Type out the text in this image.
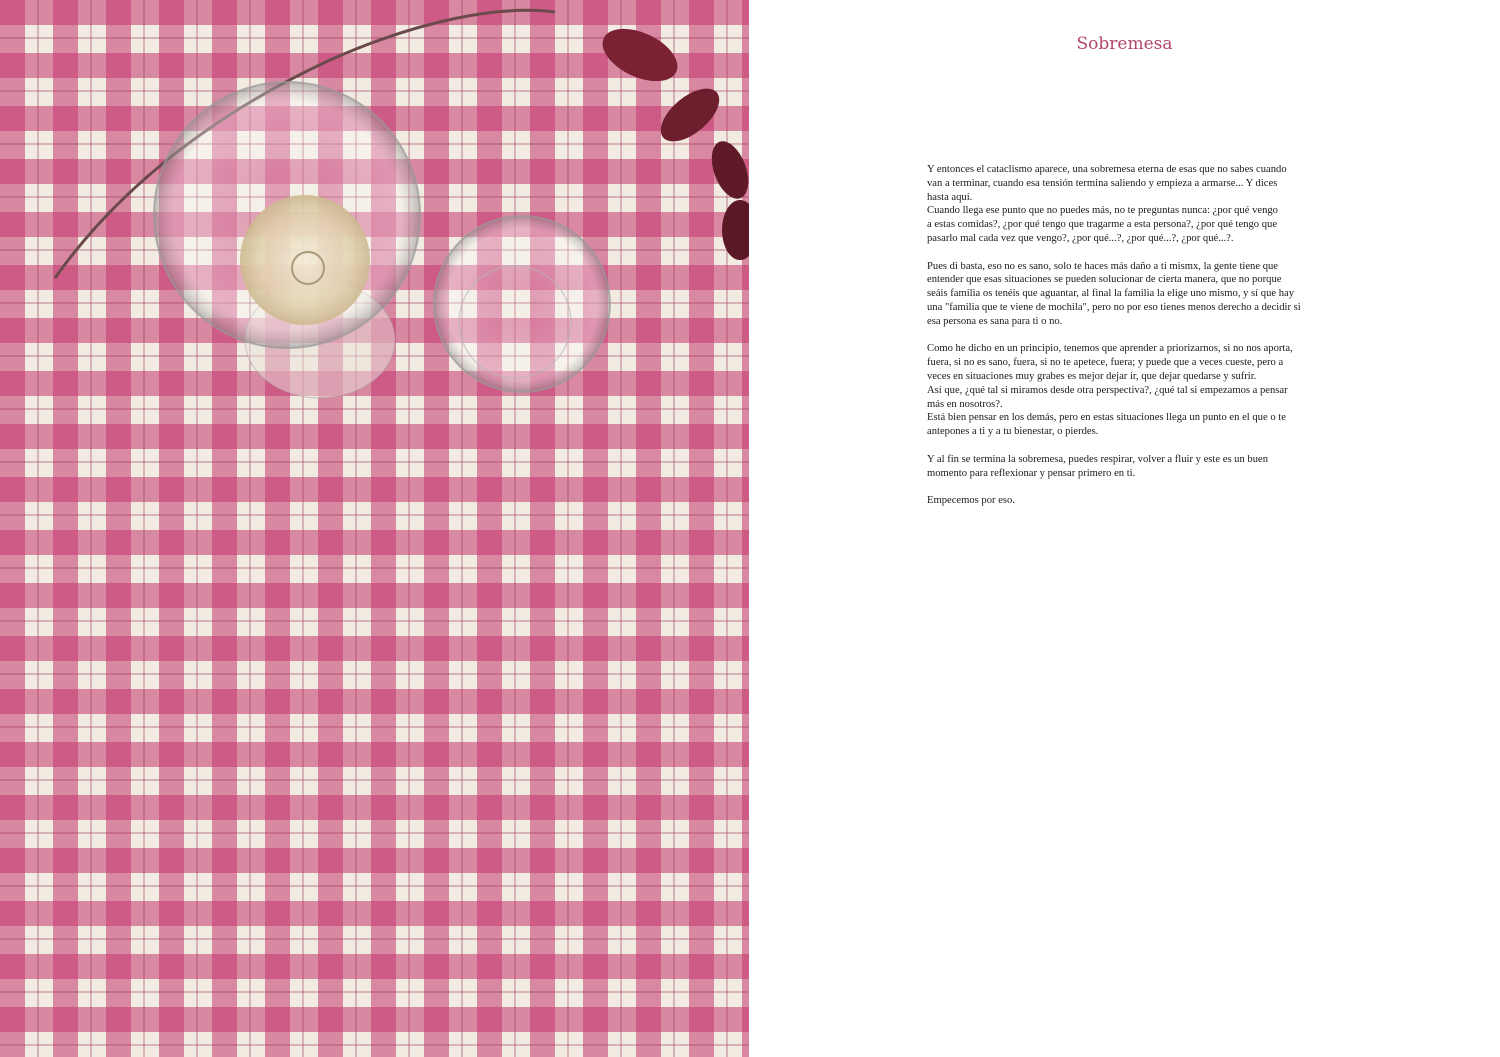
Sobremesa

Y entonces el cataclismo aparece, una sobremesa eterna de esas que no sabes cuando
van a terminar, cuando esa tensión termina saliendo y empieza a armarse... Y dices
hasta aquí.
Cuando llega ese punto que no puedes más, no te preguntas nunca: ¿por qué vengo
a estas comidas?, ¿por qué tengo que tragarme a esta persona?, ¿por qué tengo que
pasarlo mal cada vez que vengo?, ¿por qué...?, ¿por qué...?, ¿por qué...?.

Pues di basta, eso no es sano, solo te haces más daño a ti mismx, la gente tiene que
entender que esas situaciones se pueden solucionar de cierta manera, que no porque
seáis familia os tenéis que aguantar, al final la familia la elige uno mismo, y sí que hay
una "familia que te viene de mochila", pero no por eso tienes menos derecho a decidir si
esa persona es sana para ti o no.

Como he dicho en un principio, tenemos que aprender a priorizarnos, si no nos aporta,
fuera, si no es sano, fuera, si no te apetece, fuera; y puede que a veces cueste, pero a
veces en situaciones muy grabes es mejor dejar ir, que dejar quedarse y sufrir.
Así que, ¿qué tal si miramos desde otra perspectiva?, ¿qué tal si empezamos a pensar
más en nosotros?.
Está bien pensar en los demás, pero en estas situaciones llega un punto en el que o te
antepones a ti y a tu bienestar, o pierdes.

Y al fin se termina la sobremesa, puedes respirar, volver a fluir y este es un buen
momento para reflexionar y pensar primero en ti.

Empecemos por eso.
